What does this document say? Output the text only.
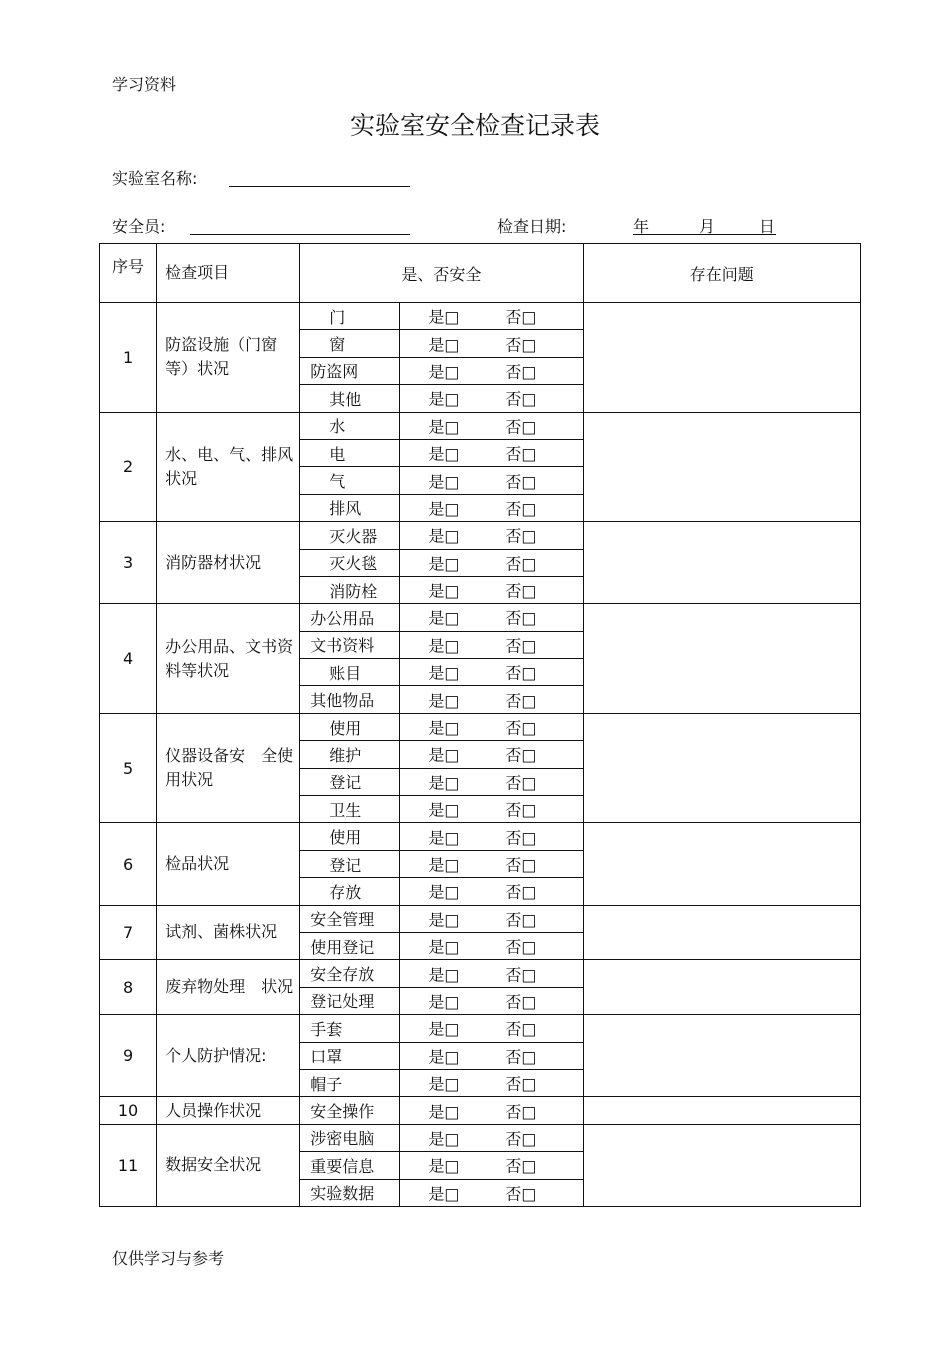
学习资料
实验室安全检查记录表
实验室名称:
安全员:	检查日期:	年	月	日
序号	检查项目	是、否安全		存在问题
1	防盗设施（门窗等）状况	门	是□ 否□	

		窗	是□ 否□	

		防盗网	是□ 否□	

		其他	是□ 否□	

2	水、电、气、排风状况	水	是□ 否□	

		电	是□ 否□	

		气	是□ 否□	

		排风	是□ 否□	

3	消防器材状况	灭火器	是□ 否□	

		灭火毯	是□ 否□	

		消防栓	是□ 否□	

4	办公用品、文书资料等状况	办公用品	是□ 否□	

		文书资料	是□ 否□	

		账目	是□ 否□	

		其他物品	是□ 否□	

5	仪器设备安　全使用状况	使用	是□ 否□	

		维护	是□ 否□	

		登记	是□ 否□	

		卫生	是□ 否□	

6	检品状况	使用	是□ 否□	

		登记	是□ 否□	

		存放	是□ 否□	

7	试剂、菌株状况	安全管理	是□ 否□	

		使用登记	是□ 否□	

8	废弃物处理　状况	安全存放	是□ 否□	

		登记处理	是□ 否□	

9	个人防护情况:	手套	是□ 否□	

		口罩	是□ 否□	

		帽子	是□ 否□	

10	人员操作状况	安全操作	是□ 否□	

11	数据安全状况	涉密电脑	是□ 否□	

		重要信息	是□ 否□	

		实验数据	是□ 否□	
仅供学习与参考
